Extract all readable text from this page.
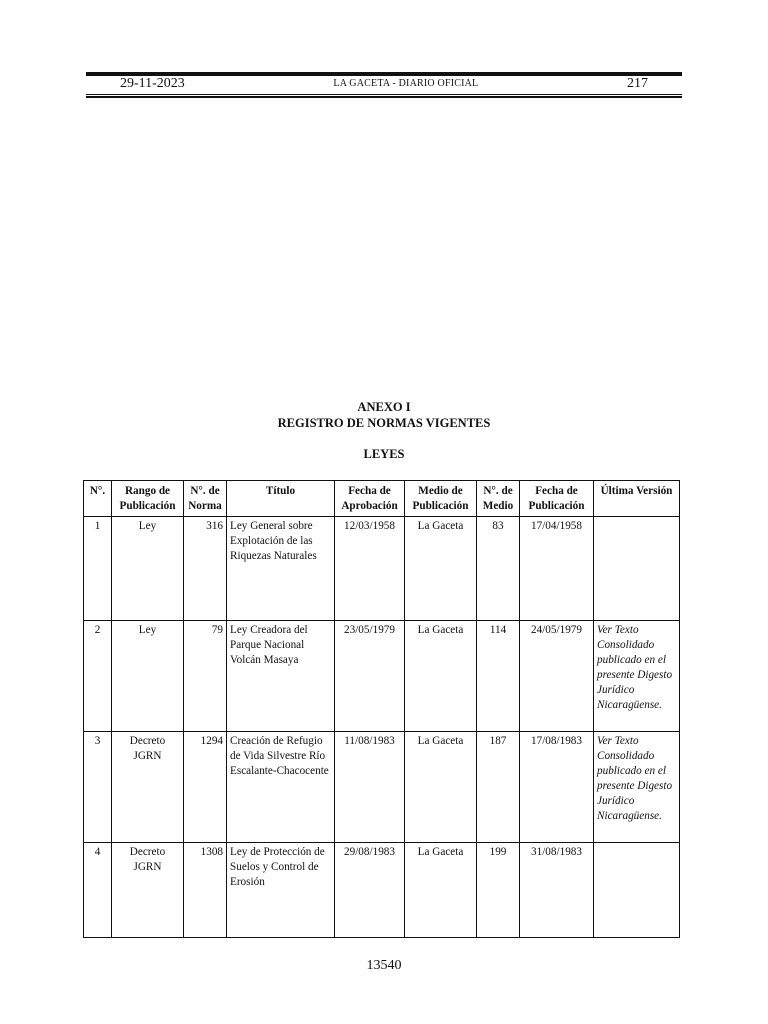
29-11-2023	LA GACETA - DIARIO OFICIAL	217
ANEXO I
REGISTRO DE NORMAS VIGENTES
LEYES
N°.	Rango de Publicación	N°. de Norma	Título	Fecha de Aprobación	Medio de Publicación	N°. de Medio	Fecha de Publicación	Última Versión
1	Ley	316	Ley General sobre Explotación de las Riquezas Naturales	12/03/1958	La Gaceta	83	17/04/1958	
2	Ley	79	Ley Creadora del Parque Nacional Volcán Masaya	23/05/1979	La Gaceta	114	24/05/1979	Ver Texto Consolidado publicado en el presente Digesto Jurídico Nicaragüense.
3	Decreto JGRN	1294	Creación de Refugio de Vida Silvestre Río Escalante-Chacocente	11/08/1983	La Gaceta	187	17/08/1983	Ver Texto Consolidado publicado en el presente Digesto Jurídico Nicaragüense.
4	Decreto JGRN	1308	Ley de Protección de Suelos y Control de Erosión	29/08/1983	La Gaceta	199	31/08/1983	
13540
